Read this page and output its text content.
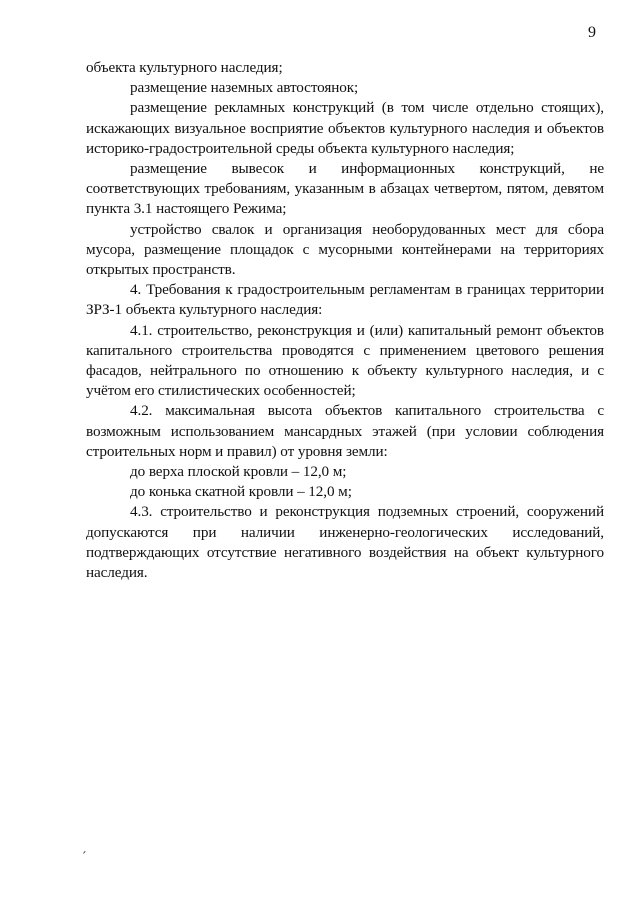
9

объекта культурного наследия;

размещение наземных автостоянок;

размещение рекламных конструкций (в том числе отдельно стоящих), искажающих визуальное восприятие объектов культурного наследия и объектов историко-градостроительной среды объекта культурного наследия;

размещение вывесок и информационных конструкций, не соответствующих требованиям, указанным в абзацах четвертом, пятом, девятом пункта 3.1 настоящего Режима;

устройство свалок и организация необорудованных мест для сбора мусора, размещение площадок с мусорными контейнерами на территориях открытых пространств.

4. Требования к градостроительным регламентам в границах территории ЗРЗ-1 объекта культурного наследия:

4.1. строительство, реконструкция и (или) капитальный ремонт объектов капитального строительства проводятся с применением цветового решения фасадов, нейтрального по отношению к объекту культурного наследия, и с учётом его стилистических особенностей;

4.2. максимальная высота объектов капитального строительства с возможным использованием мансардных этажей (при условии соблюдения строительных норм и правил) от уровня земли:

до верха плоской кровли – 12,0 м;

до конька скатной кровли – 12,0 м;

4.3. строительство и реконструкция подземных строений, сооружений допускаются при наличии инженерно-геологических исследований, подтверждающих отсутствие негативного воздействия на объект культурного наследия.

՛
